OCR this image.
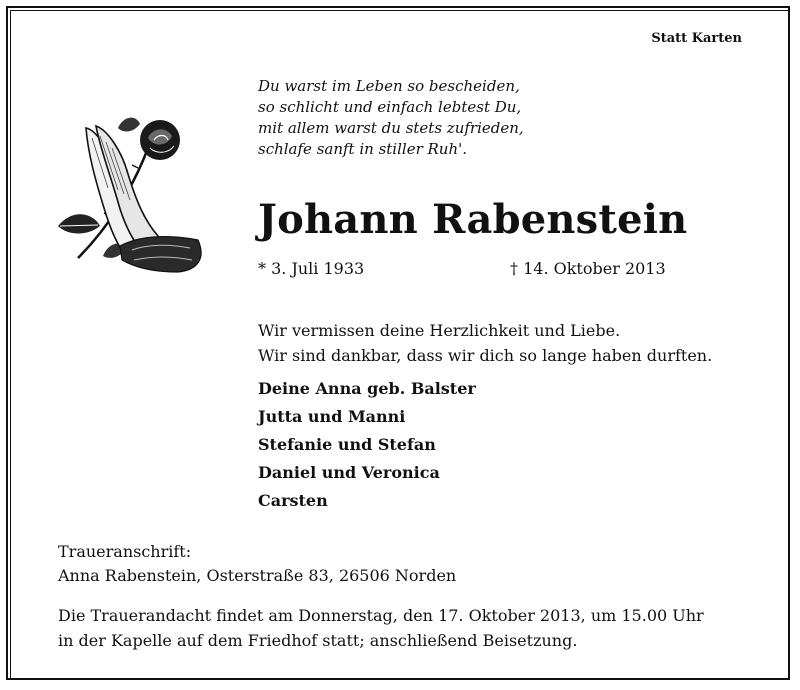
Statt Karten
Du warst im Leben so bescheiden,
so schlicht und einfach lebtest Du,
mit allem warst du stets zufrieden,
schlafe sanft in stiller Ruh'.
Johann Rabenstein
* 3. Juli 1933	† 14. Oktober 2013
Wir vermissen deine Herzlichkeit und Liebe.
Wir sind dankbar, dass wir dich so lange haben durften.
Deine Anna geb. Balster
Jutta und Manni
Stefanie und Stefan
Daniel und Veronica
Carsten
Traueranschrift:
Anna Rabenstein, Osterstraße 83, 26506 Norden
Die Trauerandacht findet am Donnerstag, den 17. Oktober 2013, um 15.00 Uhr
in der Kapelle auf dem Friedhof statt; anschließend Beisetzung.
